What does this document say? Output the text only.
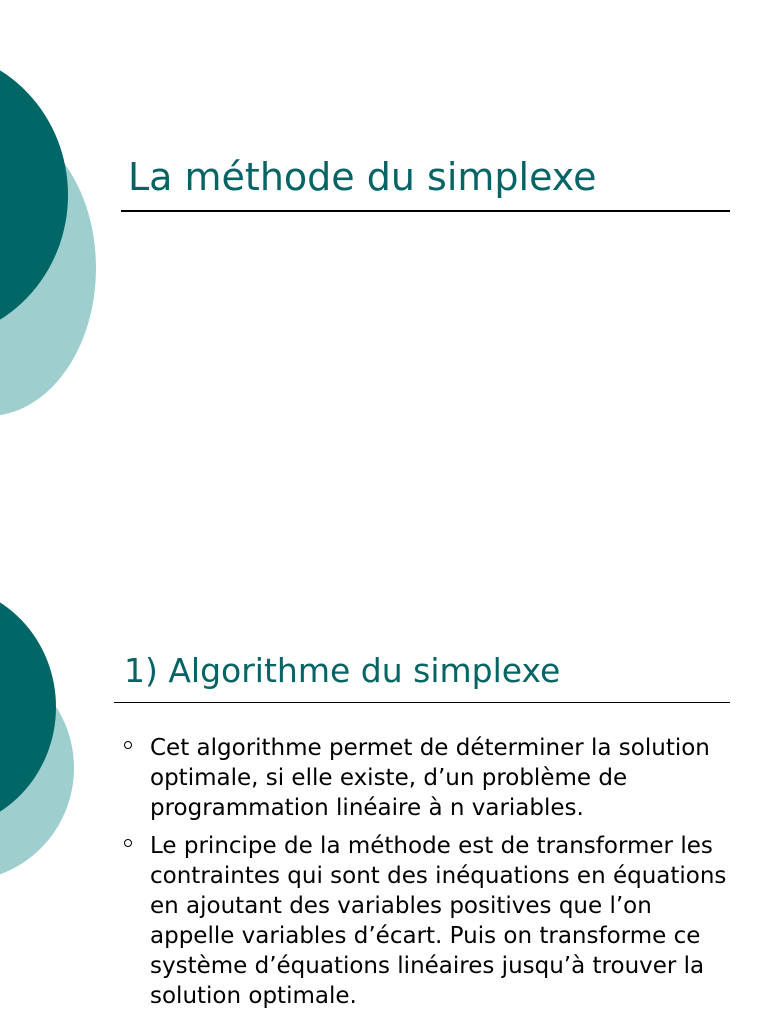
La méthode du simplexe
1) Algorithme du simplexe
Cet algorithme permet de déterminer la solution optimale, si elle existe, d’un problème de programmation linéaire à n variables.
Le principe de la méthode est de transformer les contraintes qui sont des inéquations en équations en ajoutant des variables positives que l’on appelle variables d’écart. Puis on transforme ce système d’équations linéaires jusqu’à trouver la solution optimale.
